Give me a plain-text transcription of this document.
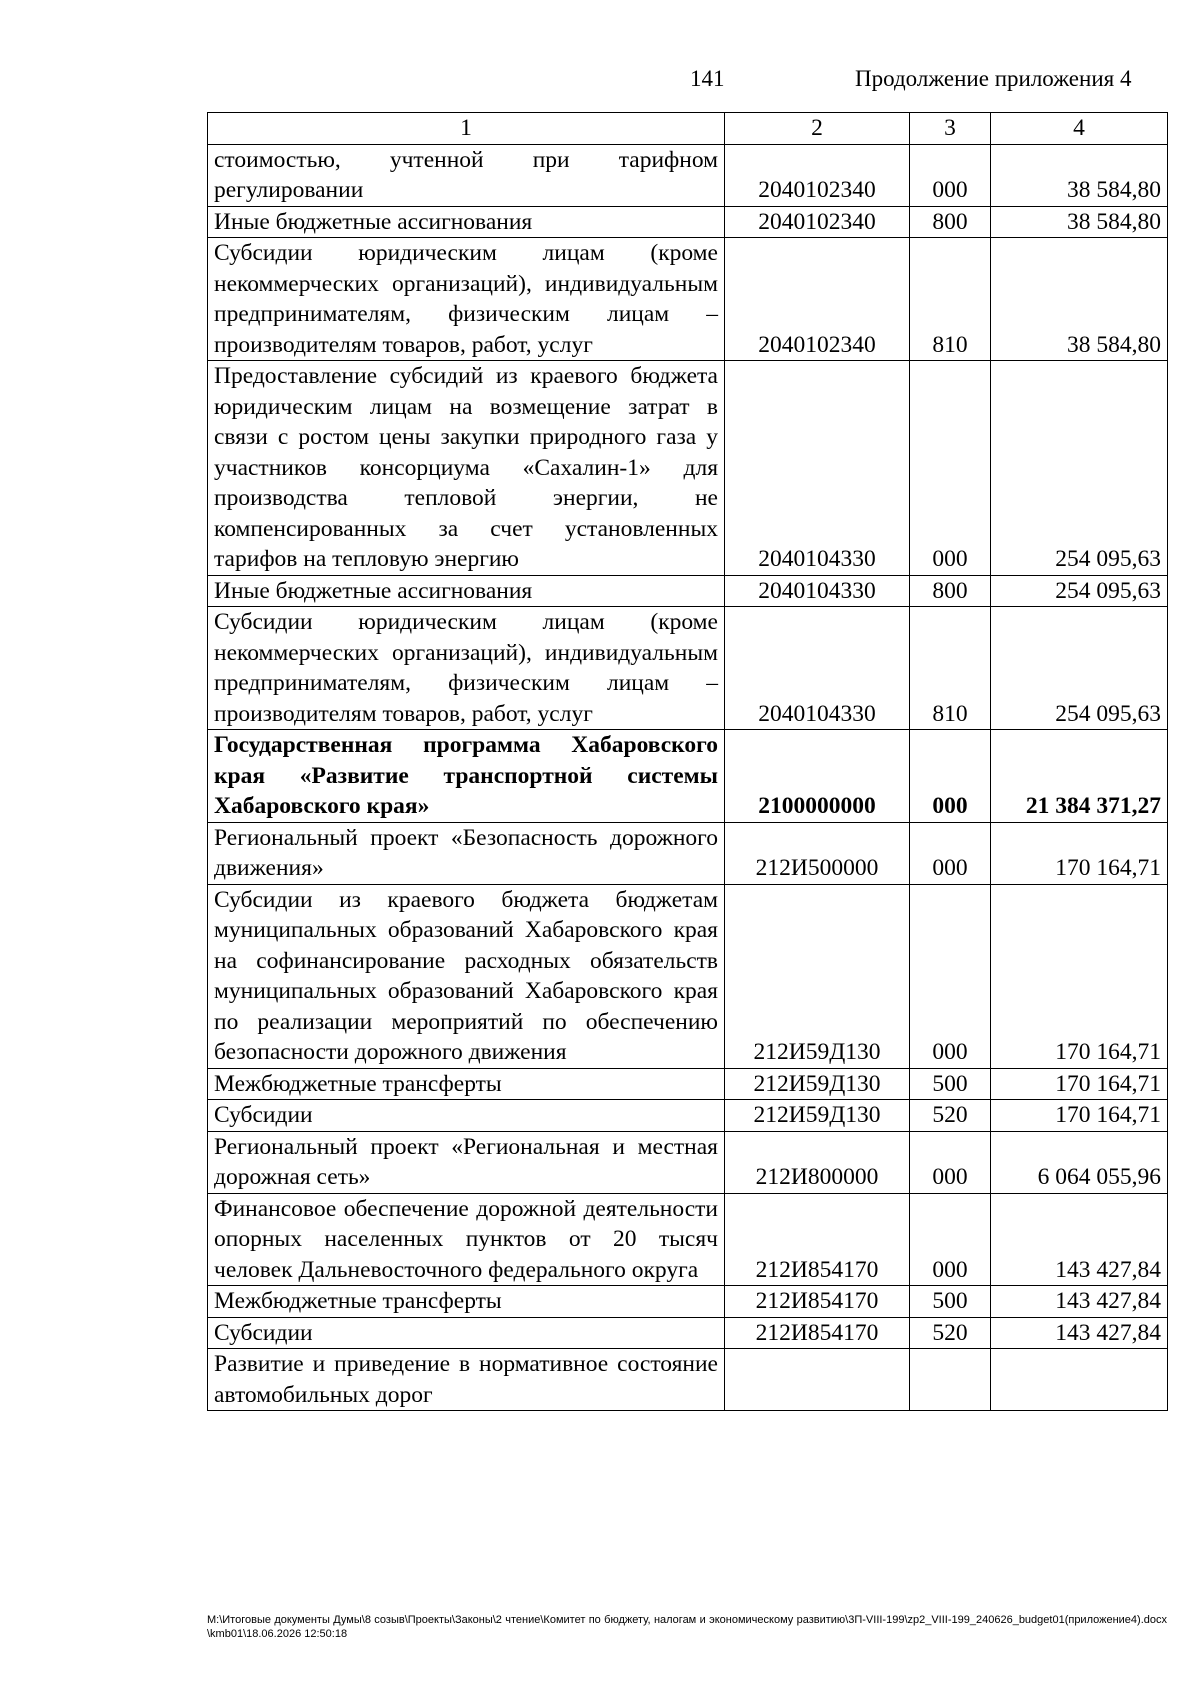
141	Продолжение приложения 4
1	2	3	4
стоимостью, учтенной при тарифном регулировании	2040102340	000	38 584,80
Иные бюджетные ассигнования	2040102340	800	38 584,80
Субсидии юридическим лицам (кроме некоммерческих организаций), индивидуальным предпринимателям, физическим лицам – производителям товаров, работ, услуг	2040102340	810	38 584,80
Предоставление субсидий из краевого бюджета юридическим лицам на возмещение затрат в связи с ростом цены закупки природного газа у участников консорциума «Сахалин-1» для производства тепловой энергии, не компенсированных за счет установленных тарифов на тепловую энергию	2040104330	000	254 095,63
Иные бюджетные ассигнования	2040104330	800	254 095,63
Субсидии юридическим лицам (кроме некоммерческих организаций), индивидуальным предпринимателям, физическим лицам – производителям товаров, работ, услуг	2040104330	810	254 095,63
Государственная программа Хабаровского края «Развитие транспортной системы Хабаровского края»	2100000000	000	21 384 371,27
Региональный проект «Безопасность дорожного движения»	212И500000	000	170 164,71
Субсидии из краевого бюджета бюджетам муниципальных образований Хабаровского края на софинансирование расходных обязательств муниципальных образований Хабаровского края по реализации мероприятий по обеспечению безопасности дорожного движения	212И59Д130	000	170 164,71
Межбюджетные трансферты	212И59Д130	500	170 164,71
Субсидии	212И59Д130	520	170 164,71
Региональный проект «Региональная и местная дорожная сеть»	212И800000	000	6 064 055,96
Финансовое обеспечение дорожной деятельности опорных населенных пунктов от 20 тысяч человек Дальневосточного федерального округа	212И854170	000	143 427,84
Межбюджетные трансферты	212И854170	500	143 427,84
Субсидии	212И854170	520	143 427,84
Развитие и приведение в нормативное состояние автомобильных дорог			
M:\Итоговые документы Думы\8 созыв\Проекты\Законы\2 чтение\Комитет по бюджету, налогам и экономическому развитию\3П-VIII-199\zp2_VIII-199_240626_budget01(приложение4).docx\kmb01\18.06.2026 12:50:18
